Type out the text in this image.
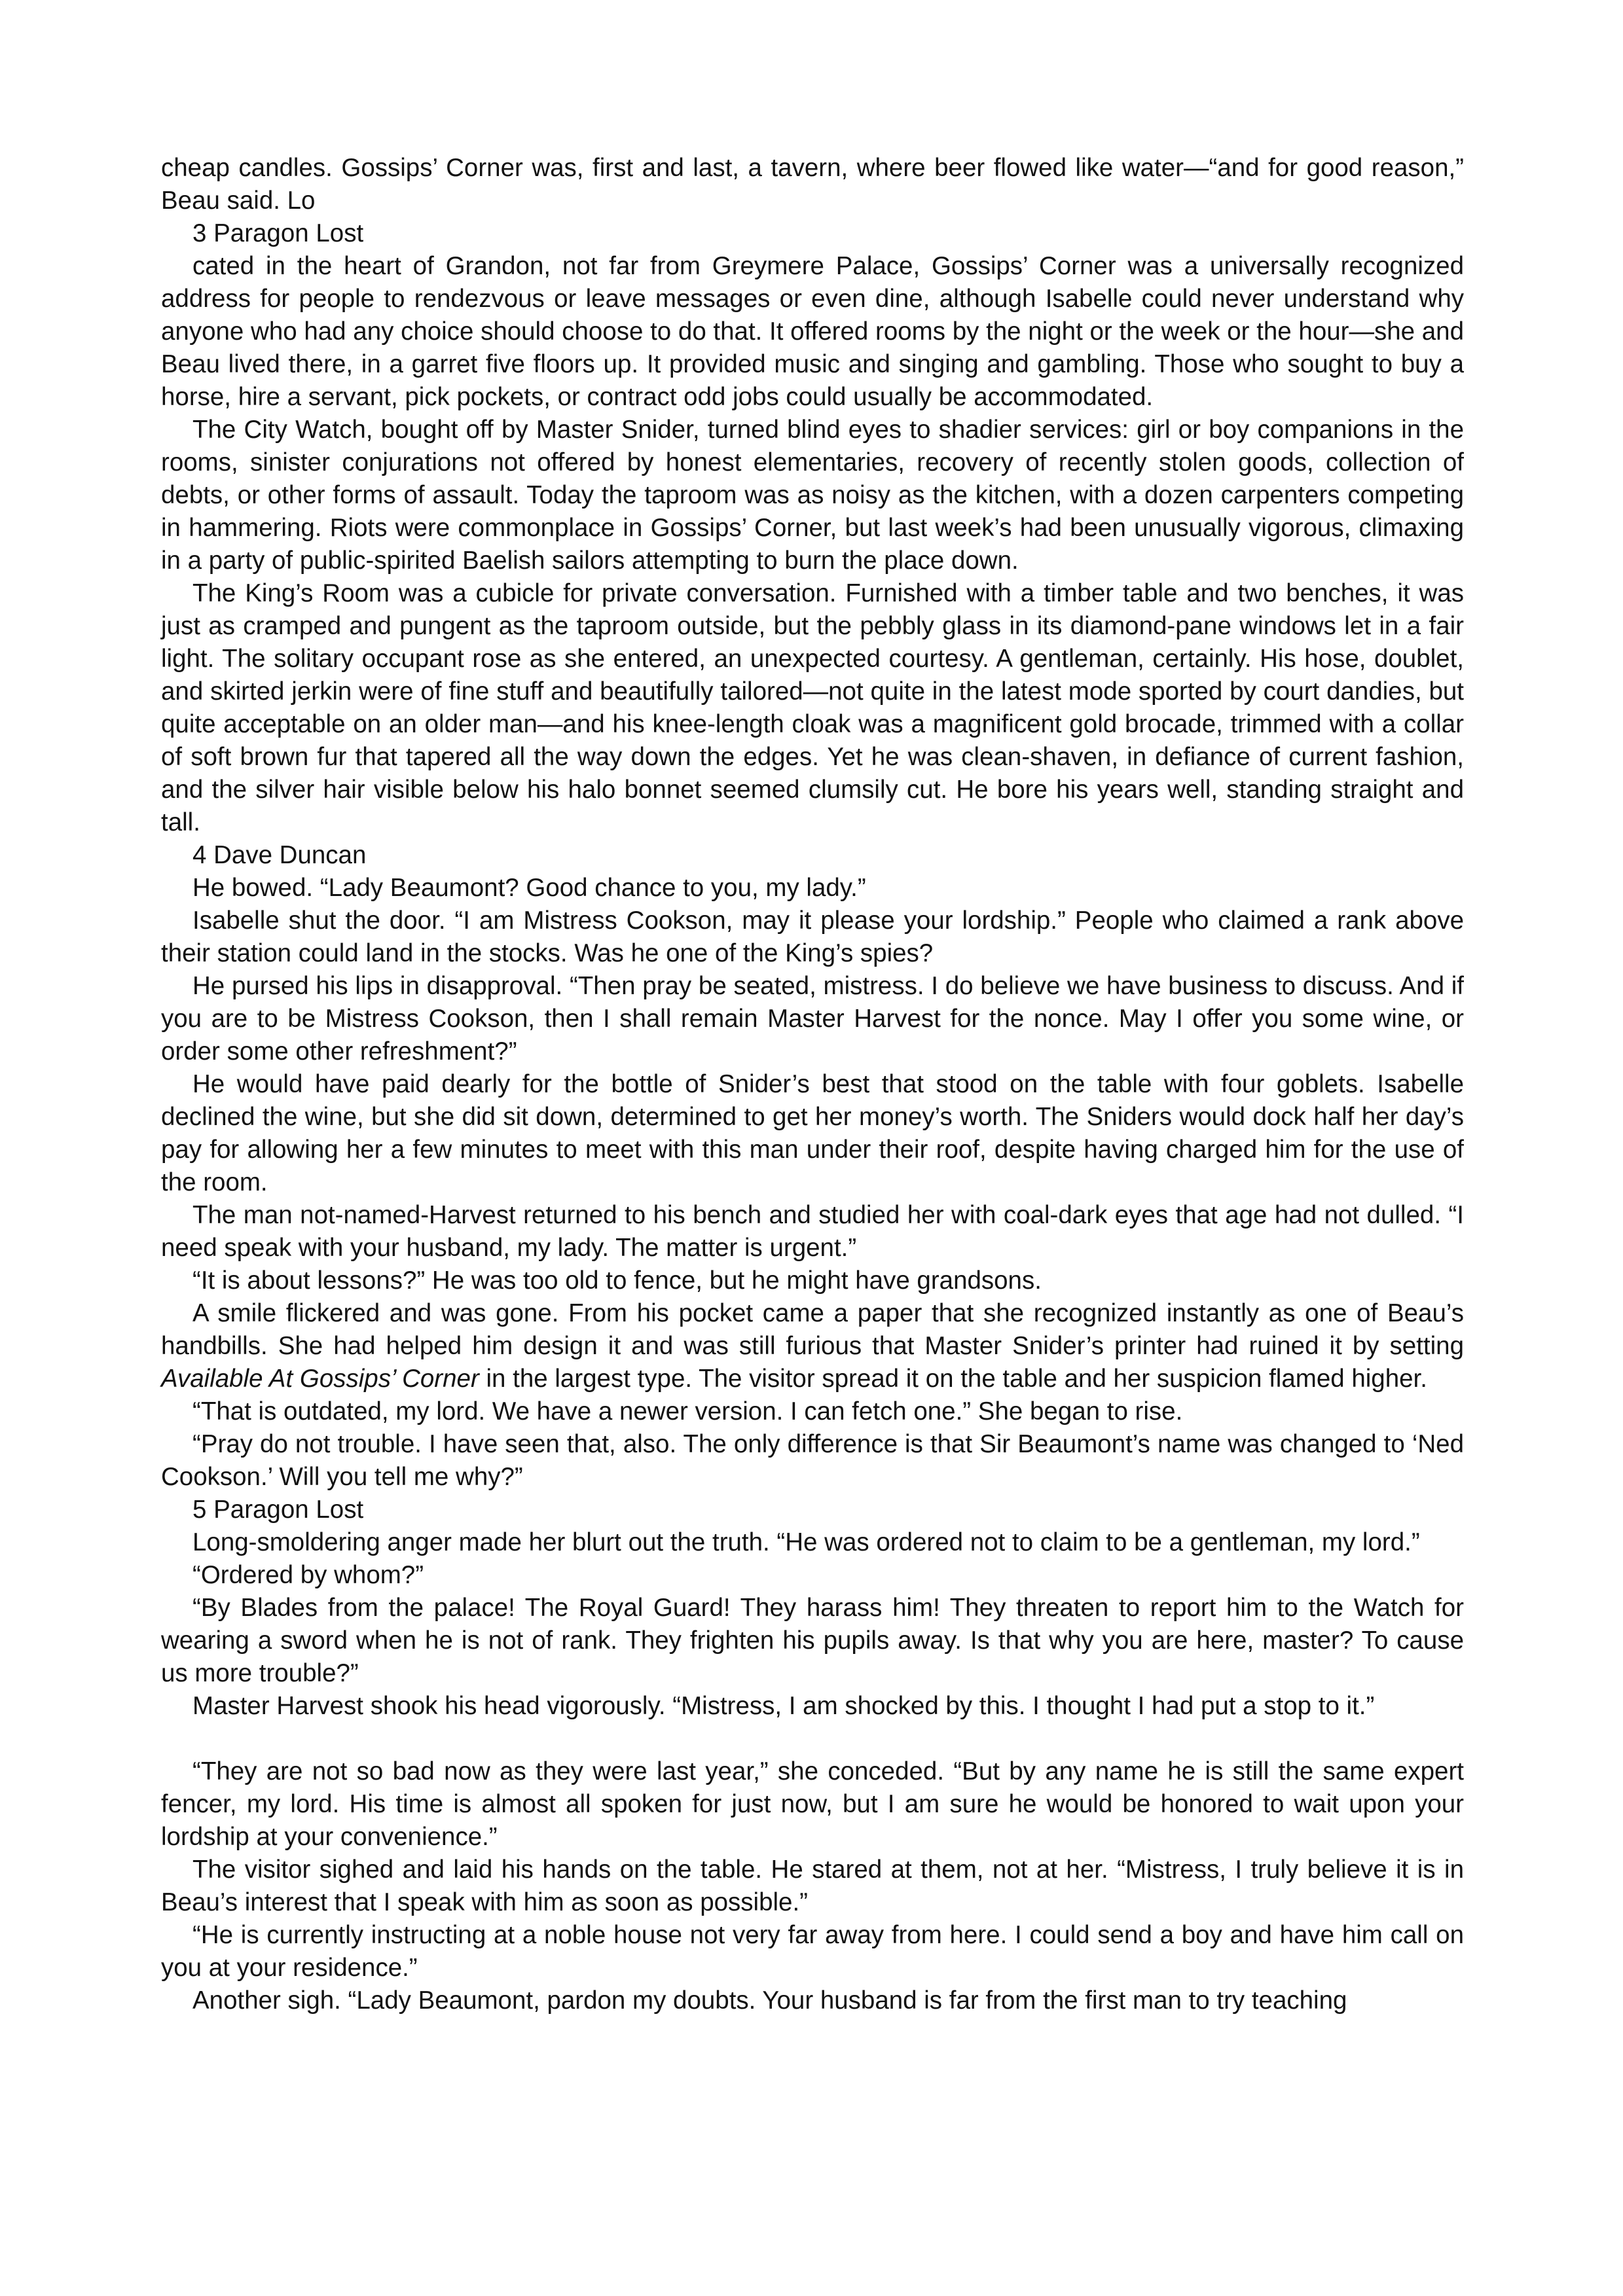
cheap candles. Gossips’ Corner was, first and last, a tavern, where beer flowed like water—“and for good reason,” Beau said. Lo

3 Paragon Lost

cated in the heart of Grandon, not far from Greymere Palace, Gossips’ Corner was a universally recognized address for people to rendezvous or leave messages or even dine, although Isabelle could never understand why anyone who had any choice should choose to do that. It offered rooms by the night or the week or the hour—she and Beau lived there, in a garret five floors up. It provided music and singing and gambling. Those who sought to buy a horse, hire a servant, pick pockets, or contract odd jobs could usually be accommodated.

The City Watch, bought off by Master Snider, turned blind eyes to shadier services: girl or boy companions in the rooms, sinister conjurations not offered by honest elementaries, recovery of recently stolen goods, collection of debts, or other forms of assault. Today the taproom was as noisy as the kitchen, with a dozen carpenters competing in hammering. Riots were commonplace in Gossips’ Corner, but last week’s had been unusually vigorous, climaxing in a party of public-spirited Baelish sailors attempting to burn the place down.

The King’s Room was a cubicle for private conversation. Furnished with a timber table and two benches, it was just as cramped and pungent as the taproom outside, but the pebbly glass in its diamond-pane windows let in a fair light. The solitary occupant rose as she entered, an unexpected courtesy. A gentleman, certainly. His hose, doublet, and skirted jerkin were of fine stuff and beautifully tailored—not quite in the latest mode sported by court dandies, but quite acceptable on an older man—and his knee-length cloak was a magnificent gold brocade, trimmed with a collar of soft brown fur that tapered all the way down the edges. Yet he was clean-shaven, in defiance of current fashion, and the silver hair visible below his halo bonnet seemed clumsily cut. He bore his years well, standing straight and tall.

4 Dave Duncan

He bowed. “Lady Beaumont? Good chance to you, my lady.”

Isabelle shut the door. “I am Mistress Cookson, may it please your lordship.” People who claimed a rank above their station could land in the stocks. Was he one of the King’s spies?

He pursed his lips in disapproval. “Then pray be seated, mistress. I do believe we have business to discuss. And if you are to be Mistress Cookson, then I shall remain Master Harvest for the nonce. May I offer you some wine, or order some other refreshment?”

He would have paid dearly for the bottle of Snider’s best that stood on the table with four goblets. Isabelle declined the wine, but she did sit down, determined to get her money’s worth. The Sniders would dock half her day’s pay for allowing her a few minutes to meet with this man under their roof, despite having charged him for the use of the room.

The man not-named-Harvest returned to his bench and studied her with coal-dark eyes that age had not dulled. “I need speak with your husband, my lady. The matter is urgent.”

“It is about lessons?” He was too old to fence, but he might have grandsons.

A smile flickered and was gone. From his pocket came a paper that she recognized instantly as one of Beau’s handbills. She had helped him design it and was still furious that Master Snider’s printer had ruined it by setting Available At Gossips’ Corner in the largest type. The visitor spread it on the table and her suspicion flamed higher.

“That is outdated, my lord. We have a newer version. I can fetch one.” She began to rise.

“Pray do not trouble. I have seen that, also. The only difference is that Sir Beaumont’s name was changed to ‘Ned Cookson.’ Will you tell me why?”

5 Paragon Lost

Long-smoldering anger made her blurt out the truth. “He was ordered not to claim to be a gentleman, my lord.”

“Ordered by whom?”

“By Blades from the palace! The Royal Guard! They harass him! They threaten to report him to the Watch for wearing a sword when he is not of rank. They frighten his pupils away. Is that why you are here, master? To cause us more trouble?”

Master Harvest shook his head vigorously. “Mistress, I am shocked by this. I thought I had put a stop to it.”

“They are not so bad now as they were last year,” she conceded. “But by any name he is still the same expert fencer, my lord. His time is almost all spoken for just now, but I am sure he would be honored to wait upon your lordship at your convenience.”

The visitor sighed and laid his hands on the table. He stared at them, not at her. “Mistress, I truly believe it is in Beau’s interest that I speak with him as soon as possible.”

“He is currently instructing at a noble house not very far away from here. I could send a boy and have him call on you at your residence.”

Another sigh. “Lady Beaumont, pardon my doubts. Your husband is far from the first man to try teaching
